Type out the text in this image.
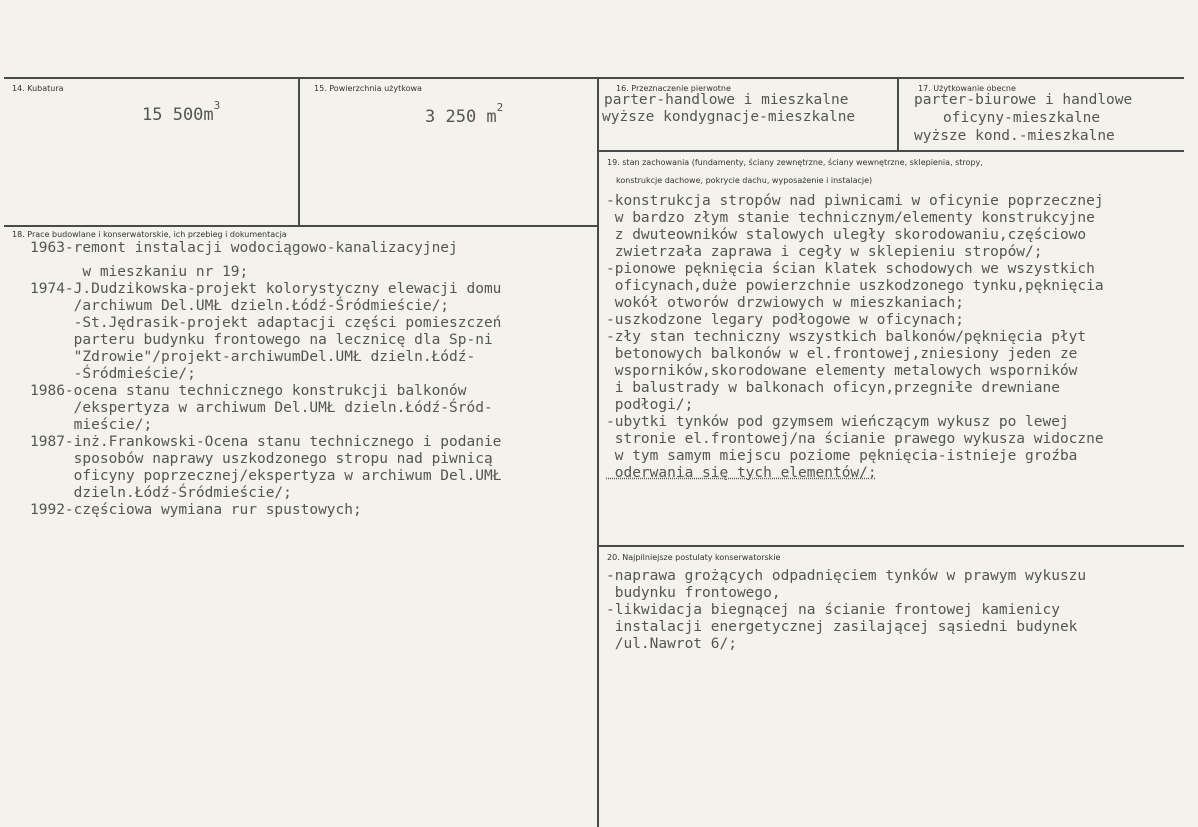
14. Kubatura
15 $500m^3$
15. Powierzchnia użytkowa
3 250 $m^2$
16. Przeznaczenie pierwotne
parter-handlowe i mieszkalne
wyższe kondygnacje-mieszkalne
17. Użytkowanie obecne
parter-biurowe i handlowe
oficyny-mieszkalne
wyższe kond.-mieszkalne
18. Prace budowlane i konserwatorskie, ich przebieg i dokumentacja
1963-remont instalacji wodociągowo-kanalizacyjnej
w mieszkaniu nr 19;
1974-J.Dudzikowska-projekt kolorystyczny elewacji domu
/archiwum Del.UMŁ dzieln.Łódź-Śródmieście/;
-St.Jędrasik-projekt adaptacji części pomieszczeń
parteru budynku frontowego na lecznicę dla Sp-ni
"Zdrowie"/projekt-archiwumDel.UMŁ dzieln.Łódź-
-Śródmieście/;
1986-ocena stanu technicznego konstrukcji balkonów
/ekspertyza w archiwum Del.UMŁ dzieln.Łódź-Śród-
mieście/;
1987-inż.Frankowski-Ocena stanu technicznego i podanie
sposobów naprawy uszkodzonego stropu nad piwnicą
oficyny poprzecznej/ekspertyza w archiwum Del.UMŁ
dzieln.Łódź-Śródmieście/;
1992-częściowa wymiana rur spustowych;
19. stan zachowania (fundamenty, ściany zewnętrzne, ściany wewnętrzne, sklepienia, stropy,
konstrukcje dachowe, pokrycie dachu, wyposażenie i instalacje)
-konstrukcja stropów nad piwnicami w oficynie poprzecznej
w bardzo złym stanie technicznym/elementy konstrukcyjne
z dwuteowników stalowych uległy skorodowaniu,częściowo
zwietrzała zaprawa i cegły w sklepieniu stropów/;
-pionowe pęknięcia ścian klatek schodowych we wszystkich
oficynach,duże powierzchnie uszkodzonego tynku,pęknięcia
wokół otworów drzwiowych w mieszkaniach;
-uszkodzone legary podłogowe w oficynach;
-zły stan techniczny wszystkich balkonów/pęknięcia płyt
betonowych balkonów w el.frontowej,zniesiony jeden ze
wsporników,skorodowane elementy metalowych wsporników
i balustrady w balkonach oficyn,przegniłe drewniane
podłogi/;
-ubytki tynków pod gzymsem wieńczącym wykusz po lewej
stronie el.frontowej/na ścianie prawego wykusza widoczne
w tym samym miejscu poziome pęknięcia-istnieje groźba
oderwania się tych elementów/;
20. Najpilniejsze postulaty konserwatorskie
-naprawa grożących odpadnięciem tynków w prawym wykuszu
budynku frontowego,
-likwidacja biegnącej na ścianie frontowej kamienicy
instalacji energetycznej zasilającej sąsiedni budynek
/ul.Nawrot 6/;
